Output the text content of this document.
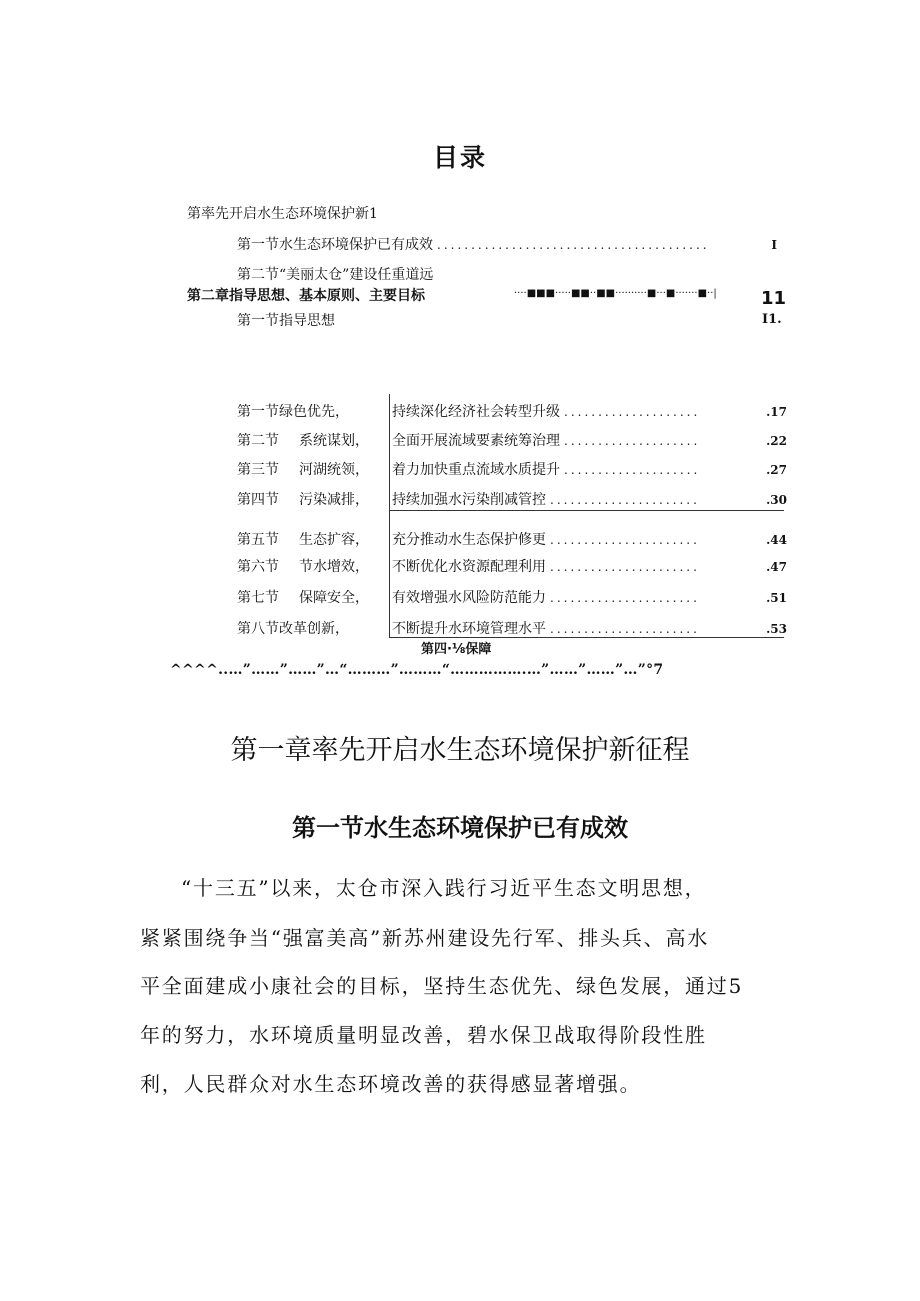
目录
第率先开启水生态环境保护新1
第一节水生态环境保护已有成效 ........................................	I
第二节“美丽太仓”建设任重道远
第二章指导思想、基本原则、主要目标	····■■■·····■■··■■··········■···■·······■··| 11
第一节指导思想	I1.
第一节绿色优先，	持续深化经济社会转型升级 ....................	.17
第二节 系统谋划， 全面开展流域要素统筹治理 ....................	.22
第三节 河湖统领， 着力加快重点流域水质提升 ....................	.27
第四节 污染减排， 持续加强水污染削减管控 ......................	.30
第五节 生态扩容， 充分推动水生态保护修更 ......................	.44
第六节 节水增效， 不断优化水资源配理利用 ......................	.47
第七节 保障安全， 有效增强水风险防范能力 ......................	.51
第八节改革创新，	不断提升水环境管理水平 ......................	.53
第四·⅛保障
^^^^..…”……”……”…“………”………“…………….…”……”……”…”°7
第一章率先开启水生态环境保护新征程
第一节水生态环境保护已有成效
“十三五”以来，太仓市深入践行习近平生态文明思想，
紧紧围绕争当“强富美高”新苏州建设先行军、排头兵、高水
平全面建成小康社会的目标，坚持生态优先、绿色发展，通过5
年的努力，水环境质量明显改善，碧水保卫战取得阶段性胜
利，人民群众对水生态环境改善的获得感显著增强。
